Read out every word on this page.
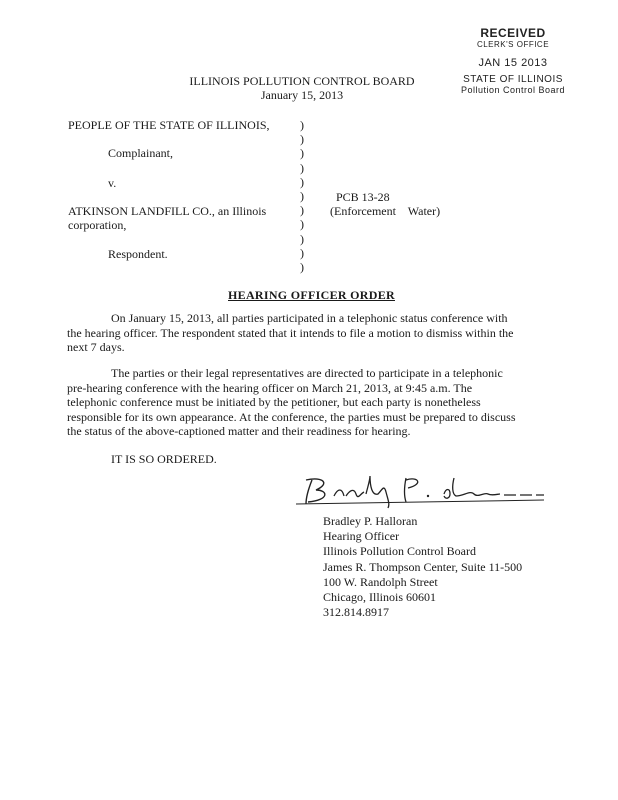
RECEIVED
CLERK'S OFFICE
JAN 15 2013
STATE OF ILLINOIS
Pollution Control Board
ILLINOIS POLLUTION CONTROL BOARD
January 15, 2013
PEOPLE OF THE STATE OF ILLINOIS,
Complainant,
v.
ATKINSON LANDFILL CO., an Illinois
corporation,
Respondent.
)
)
)
)
)
)
)
)
)
)
)
PCB 13-28
(Enforcement    Water)
HEARING OFFICER ORDER
On January 15, 2013, all parties participated in a telephonic status conference with the hearing officer. The respondent stated that it intends to file a motion to dismiss within the next 7 days.
The parties or their legal representatives are directed to participate in a telephonic pre-hearing conference with the hearing officer on March 21, 2013, at 9:45 a.m. The telephonic conference must be initiated by the petitioner, but each party is nonetheless responsible for its own appearance. At the conference, the parties must be prepared to discuss the status of the above-captioned matter and their readiness for hearing.
IT IS SO ORDERED.
Bradley P. Halloran
Hearing Officer
Illinois Pollution Control Board
James R. Thompson Center, Suite 11-500
100 W. Randolph Street
Chicago, Illinois 60601
312.814.8917
